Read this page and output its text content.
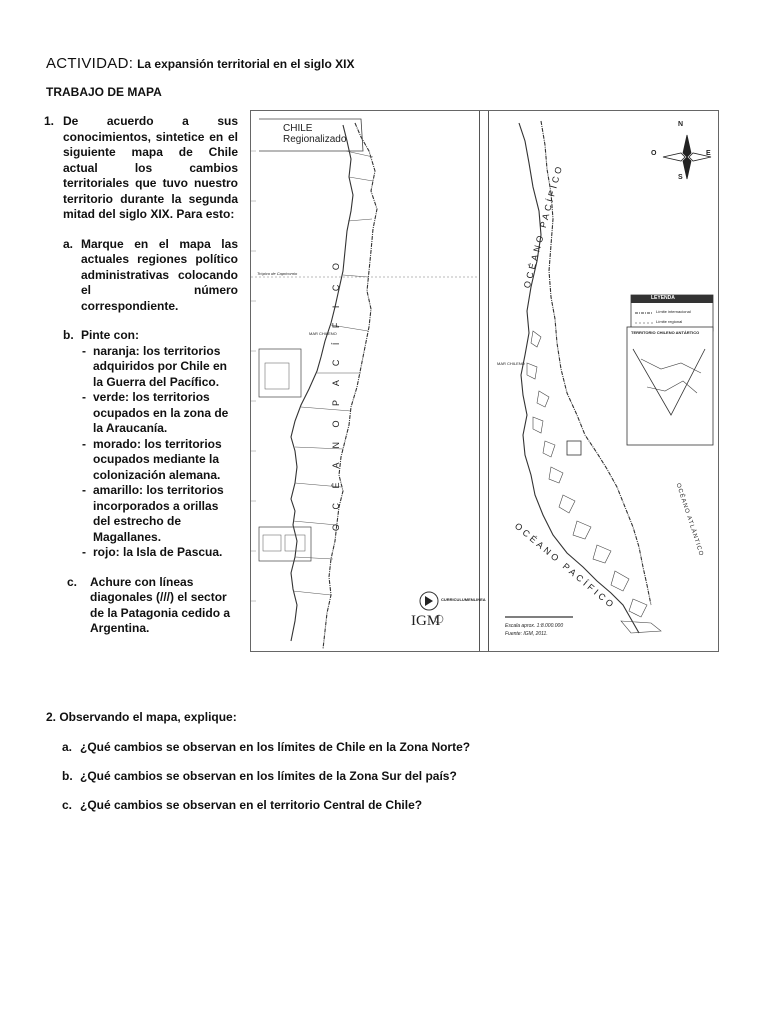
ACTIVIDAD: La expansión territorial en el siglo XIX
TRABAJO DE MAPA
1. De acuerdo a sus conocimientos, sintetice en el siguiente mapa de Chile actual los cambios territoriales que tuvo nuestro territorio durante la segunda mitad del siglo XIX. Para esto:
a. Marque en el mapa las actuales regiones político administrativas colocando el número correspondiente.
b. Pinte con:
- naranja: los territorios adquiridos por Chile en la Guerra del Pacífico.
- verde: los territorios ocupados en la zona de la Araucanía.
- morado: los territorios ocupados mediante la colonización alemana.
- amarillo: los territorios incorporados a orillas del estrecho de Magallanes.
- rojo: la Isla de Pascua.
c. Achure con líneas diagonales (///) el sector de la Patagonia cedido a Argentina.
CHILE
Regionalizado
Trópico de Capricornio	O C É A N O P A C Í F I C O
MAR CHILENO
MAR CHILENO
OCÉANO PACÍFICO
OCÉANO PACÍFICO
OCÉANO ATLÁNTICO
N
S
O	E
LEYENDA
Límite internacional
Límite regional
TERRITORIO CHILENO ANTÁRTICO
CURRICULUMENLINEA
IGM	Escala aprox. 1:8.000.000
Fuente: IGM, 2011.
2. Observando el mapa, explique:
a. ¿Qué cambios se observan en los límites de Chile en la Zona Norte?
b. ¿Qué cambios se observan en los límites de la Zona Sur del país?
c. ¿Qué cambios se observan en el territorio Central de Chile?
